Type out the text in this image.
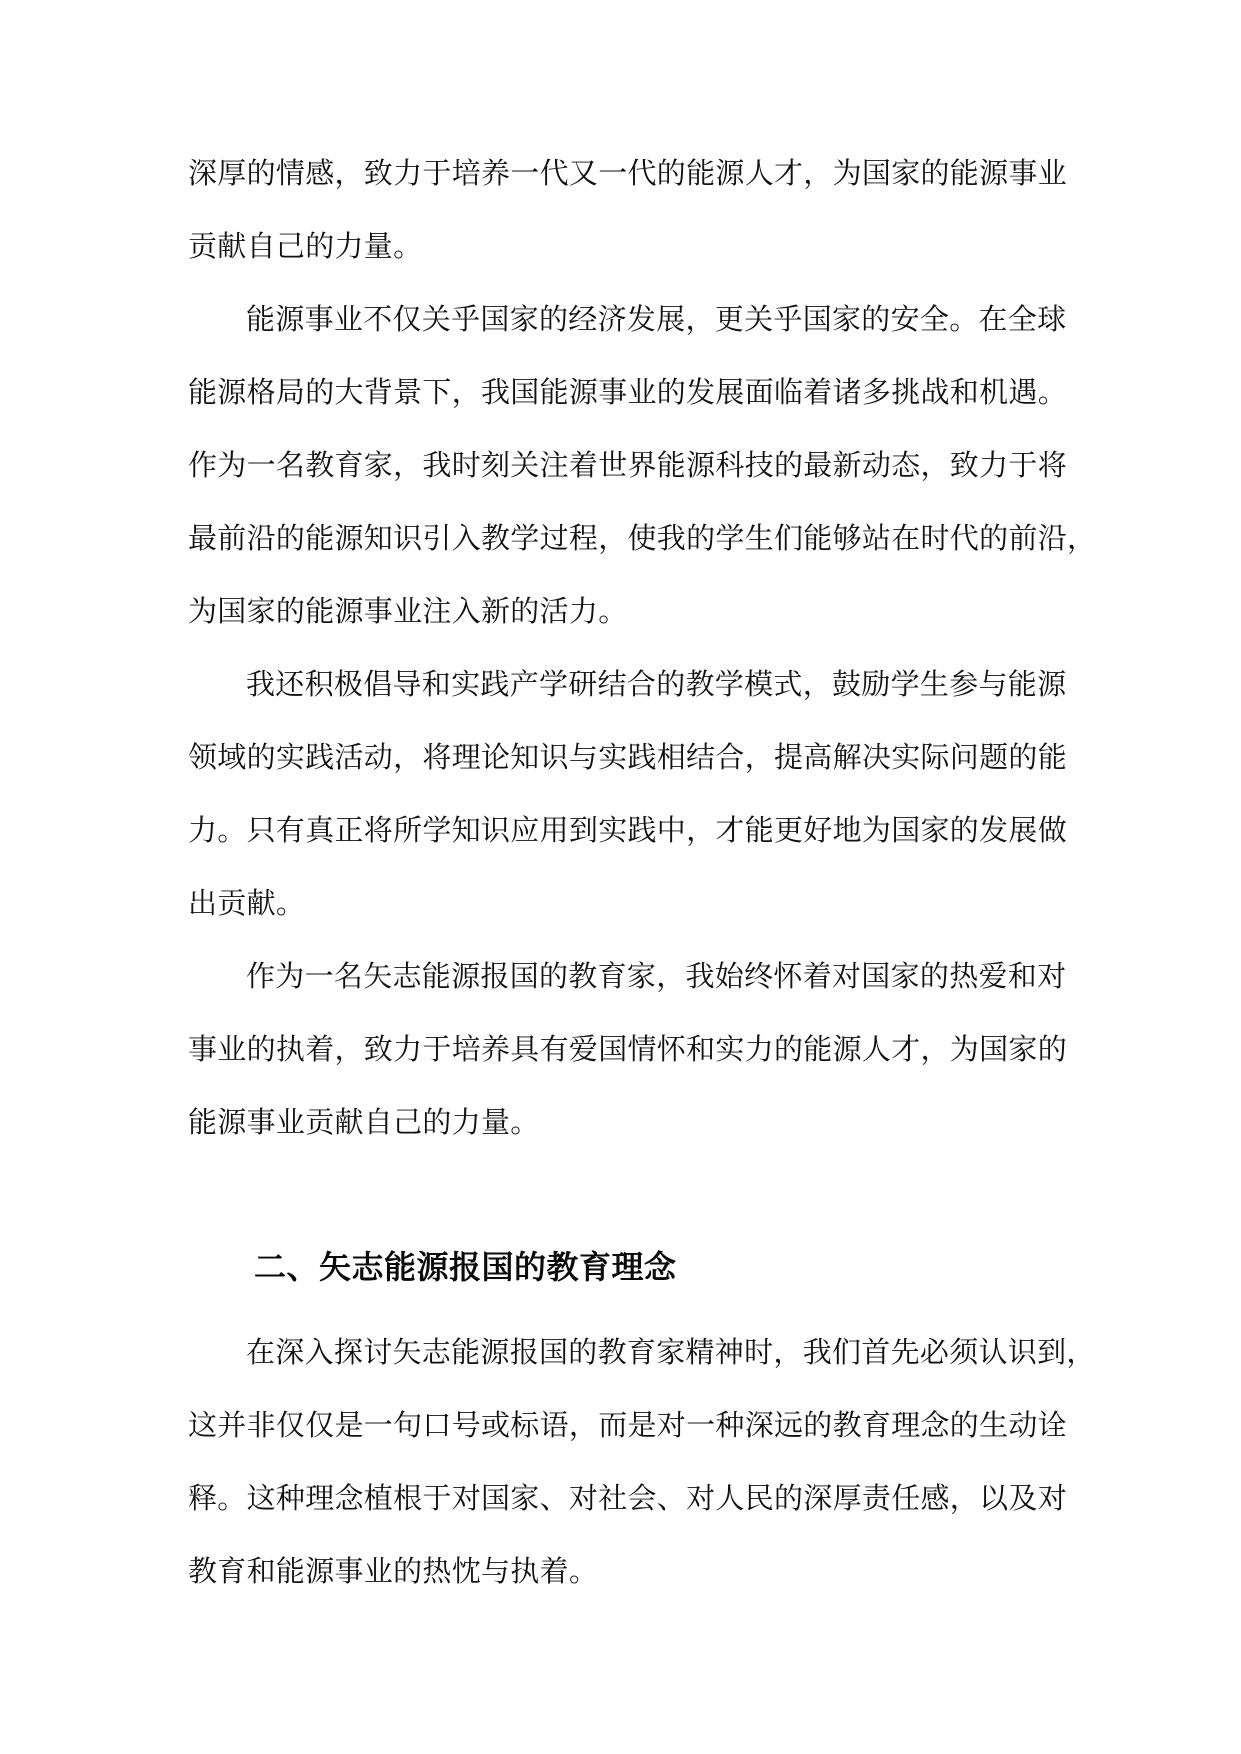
深厚的情感，致力于培养一代又一代的能源人才，为国家的能源事业

贡献自己的力量。

能源事业不仅关乎国家的经济发展，更关乎国家的安全。在全球

能源格局的大背景下，我国能源事业的发展面临着诸多挑战和机遇。

作为一名教育家，我时刻关注着世界能源科技的最新动态，致力于将

最前沿的能源知识引入教学过程，使我的学生们能够站在时代的前沿，

为国家的能源事业注入新的活力。

我还积极倡导和实践产学研结合的教学模式，鼓励学生参与能源

领域的实践活动，将理论知识与实践相结合，提高解决实际问题的能

力。只有真正将所学知识应用到实践中，才能更好地为国家的发展做

出贡献。

作为一名矢志能源报国的教育家，我始终怀着对国家的热爱和对

事业的执着，致力于培养具有爱国情怀和实力的能源人才，为国家的

能源事业贡献自己的力量。

二、矢志能源报国的教育理念

在深入探讨矢志能源报国的教育家精神时，我们首先必须认识到，

这并非仅仅是一句口号或标语，而是对一种深远的教育理念的生动诠

释。这种理念植根于对国家、对社会、对人民的深厚责任感，以及对

教育和能源事业的热忱与执着。
